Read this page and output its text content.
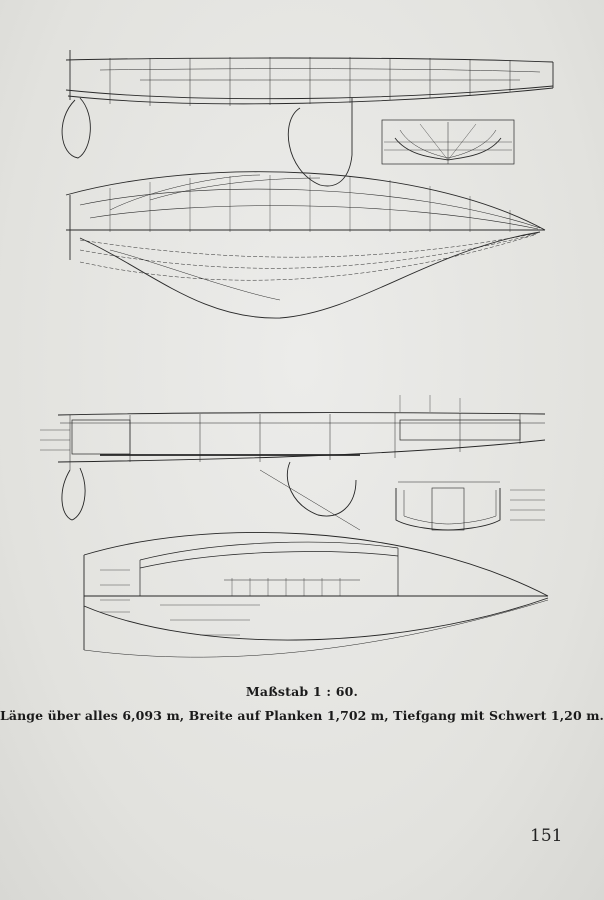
Maßstab 1 : 60.
Länge über alles 6,093 m, Breite auf Planken 1,702 m, Tiefgang mit Schwert 1,20 m.
151
